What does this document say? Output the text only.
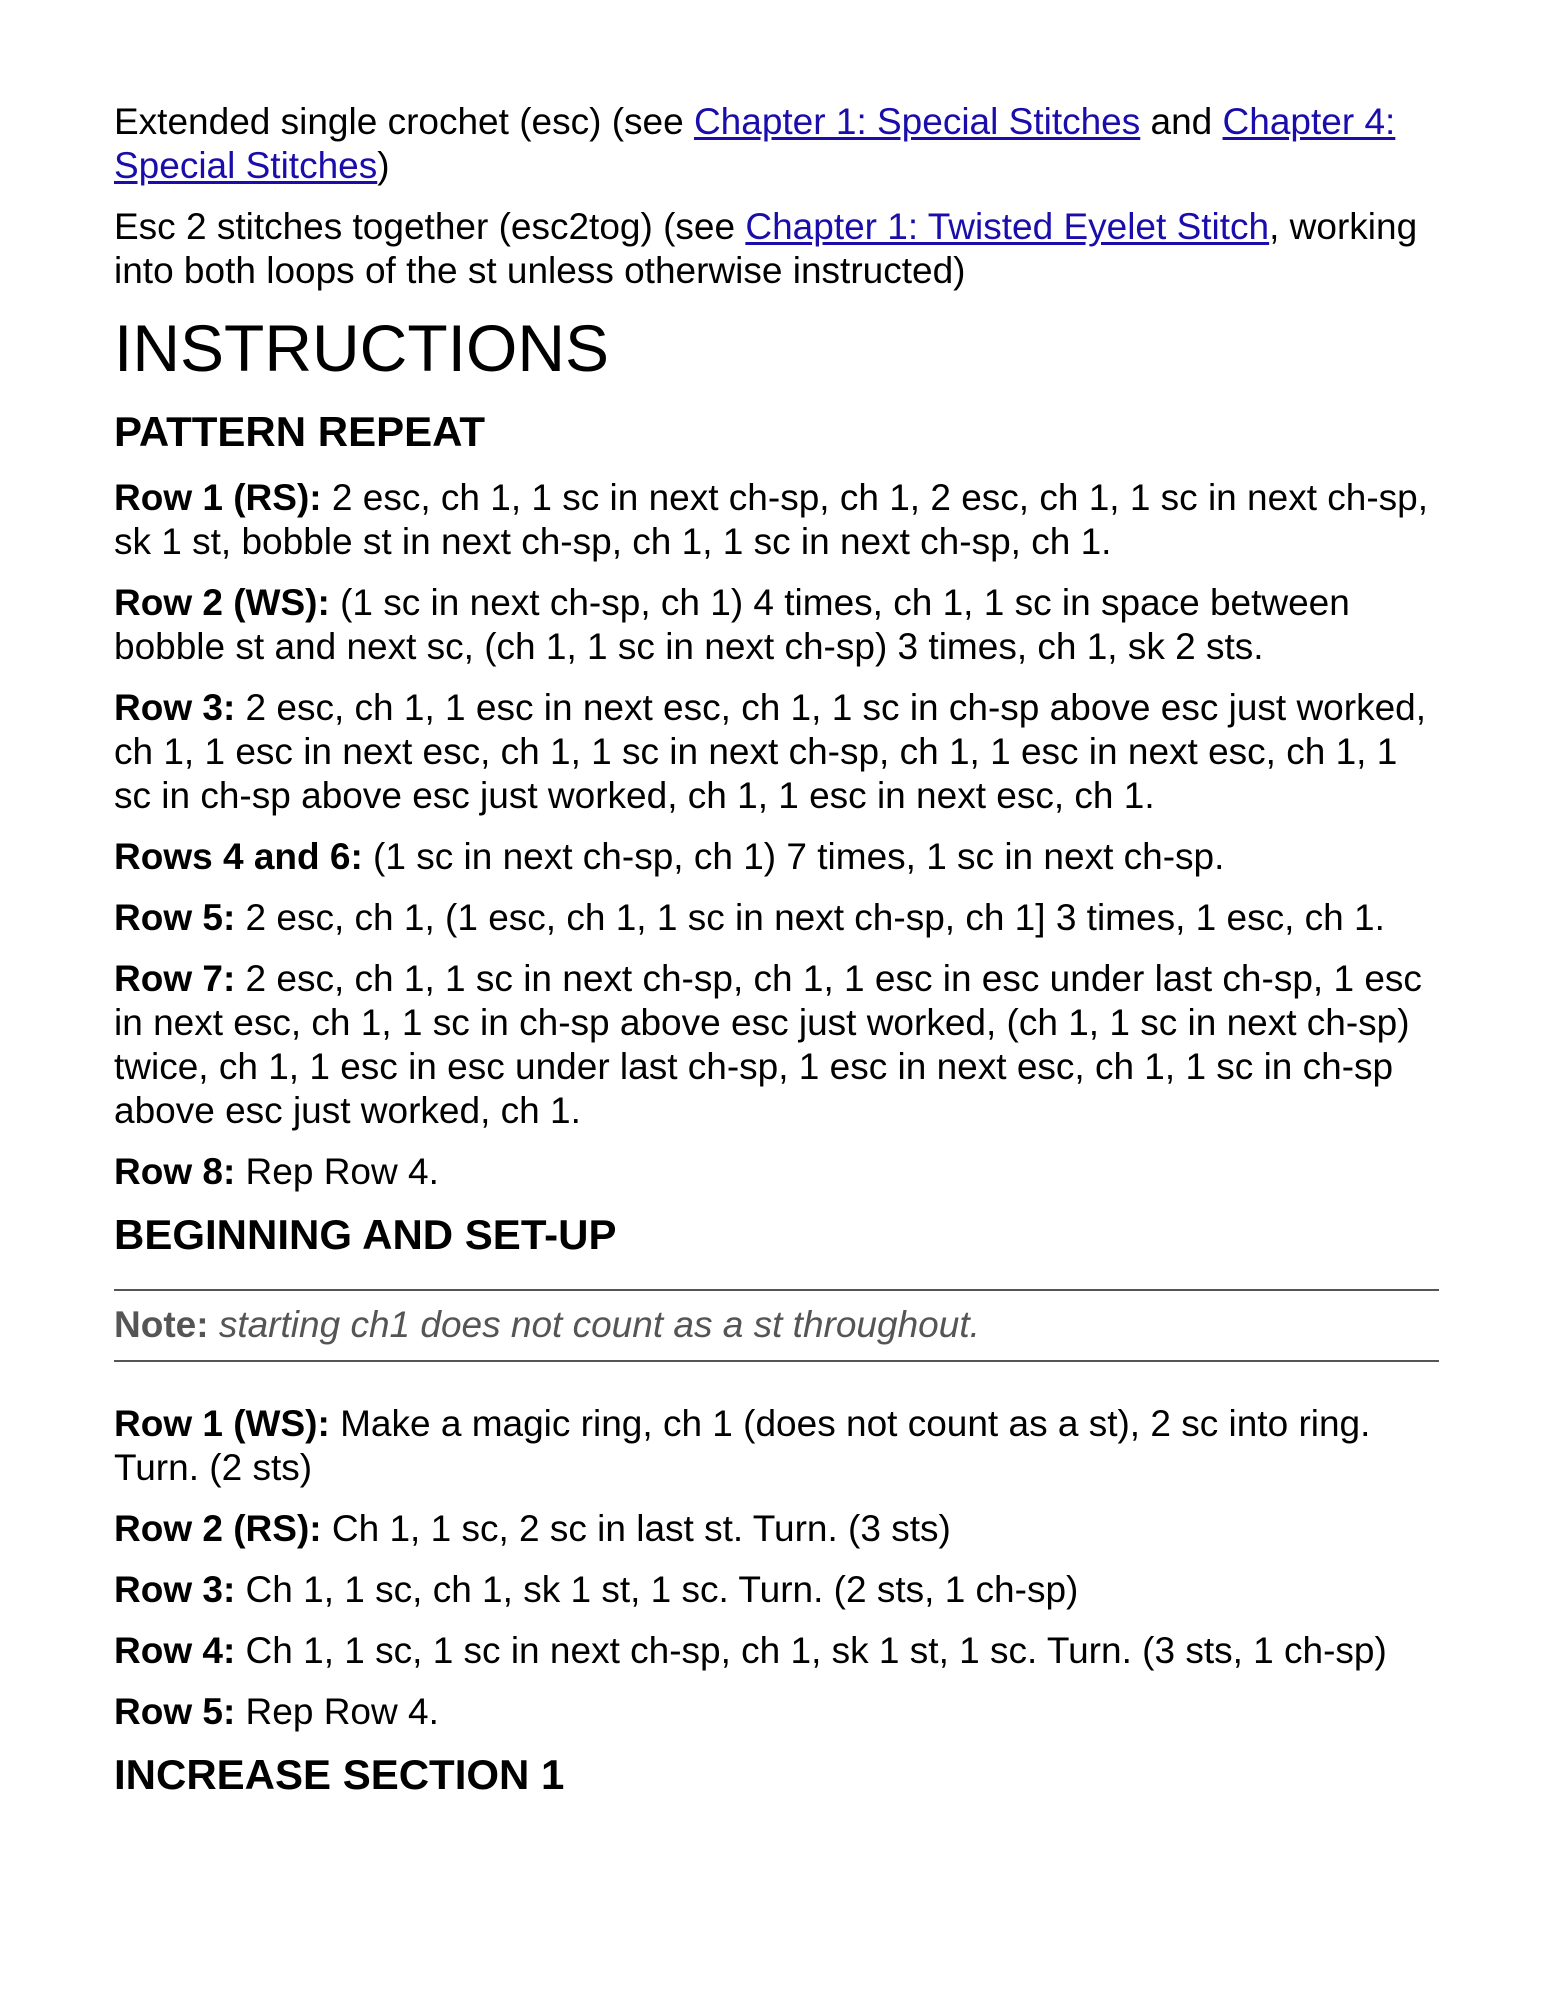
Extended single crochet (esc) (see Chapter 1: Special Stitches and Chapter 4: Special Stitches)

Esc 2 stitches together (esc2tog) (see Chapter 1: Twisted Eyelet Stitch, working into both loops of the st unless otherwise instructed)

INSTRUCTIONS
PATTERN REPEAT

Row 1 (RS): 2 esc, ch 1, 1 sc in next ch-sp, ch 1, 2 esc, ch 1, 1 sc in next ch-sp, sk 1 st, bobble st in next ch-sp, ch 1, 1 sc in next ch-sp, ch 1.

Row 2 (WS): (1 sc in next ch-sp, ch 1) 4 times, ch 1, 1 sc in space between bobble st and next sc, (ch 1, 1 sc in next ch-sp) 3 times, ch 1, sk 2 sts.

Row 3: 2 esc, ch 1, 1 esc in next esc, ch 1, 1 sc in ch-sp above esc just worked, ch 1, 1 esc in next esc, ch 1, 1 sc in next ch-sp, ch 1, 1 esc in next esc, ch 1, 1 sc in ch-sp above esc just worked, ch 1, 1 esc in next esc, ch 1.

Rows 4 and 6: (1 sc in next ch-sp, ch 1) 7 times, 1 sc in next ch-sp.

Row 5: 2 esc, ch 1, (1 esc, ch 1, 1 sc in next ch-sp, ch 1] 3 times, 1 esc, ch 1.

Row 7: 2 esc, ch 1, 1 sc in next ch-sp, ch 1, 1 esc in esc under last ch-sp, 1 esc in next esc, ch 1, 1 sc in ch-sp above esc just worked, (ch 1, 1 sc in next ch-sp) twice, ch 1, 1 esc in esc under last ch-sp, 1 esc in next esc, ch 1, 1 sc in ch-sp above esc just worked, ch 1.

Row 8: Rep Row 4.

BEGINNING AND SET-UP

Note: starting ch1 does not count as a st throughout.

Row 1 (WS): Make a magic ring, ch 1 (does not count as a st), 2 sc into ring. Turn. (2 sts)

Row 2 (RS): Ch 1, 1 sc, 2 sc in last st. Turn. (3 sts)

Row 3: Ch 1, 1 sc, ch 1, sk 1 st, 1 sc. Turn. (2 sts, 1 ch-sp)

Row 4: Ch 1, 1 sc, 1 sc in next ch-sp, ch 1, sk 1 st, 1 sc. Turn. (3 sts, 1 ch-sp)

Row 5: Rep Row 4.

INCREASE SECTION 1
